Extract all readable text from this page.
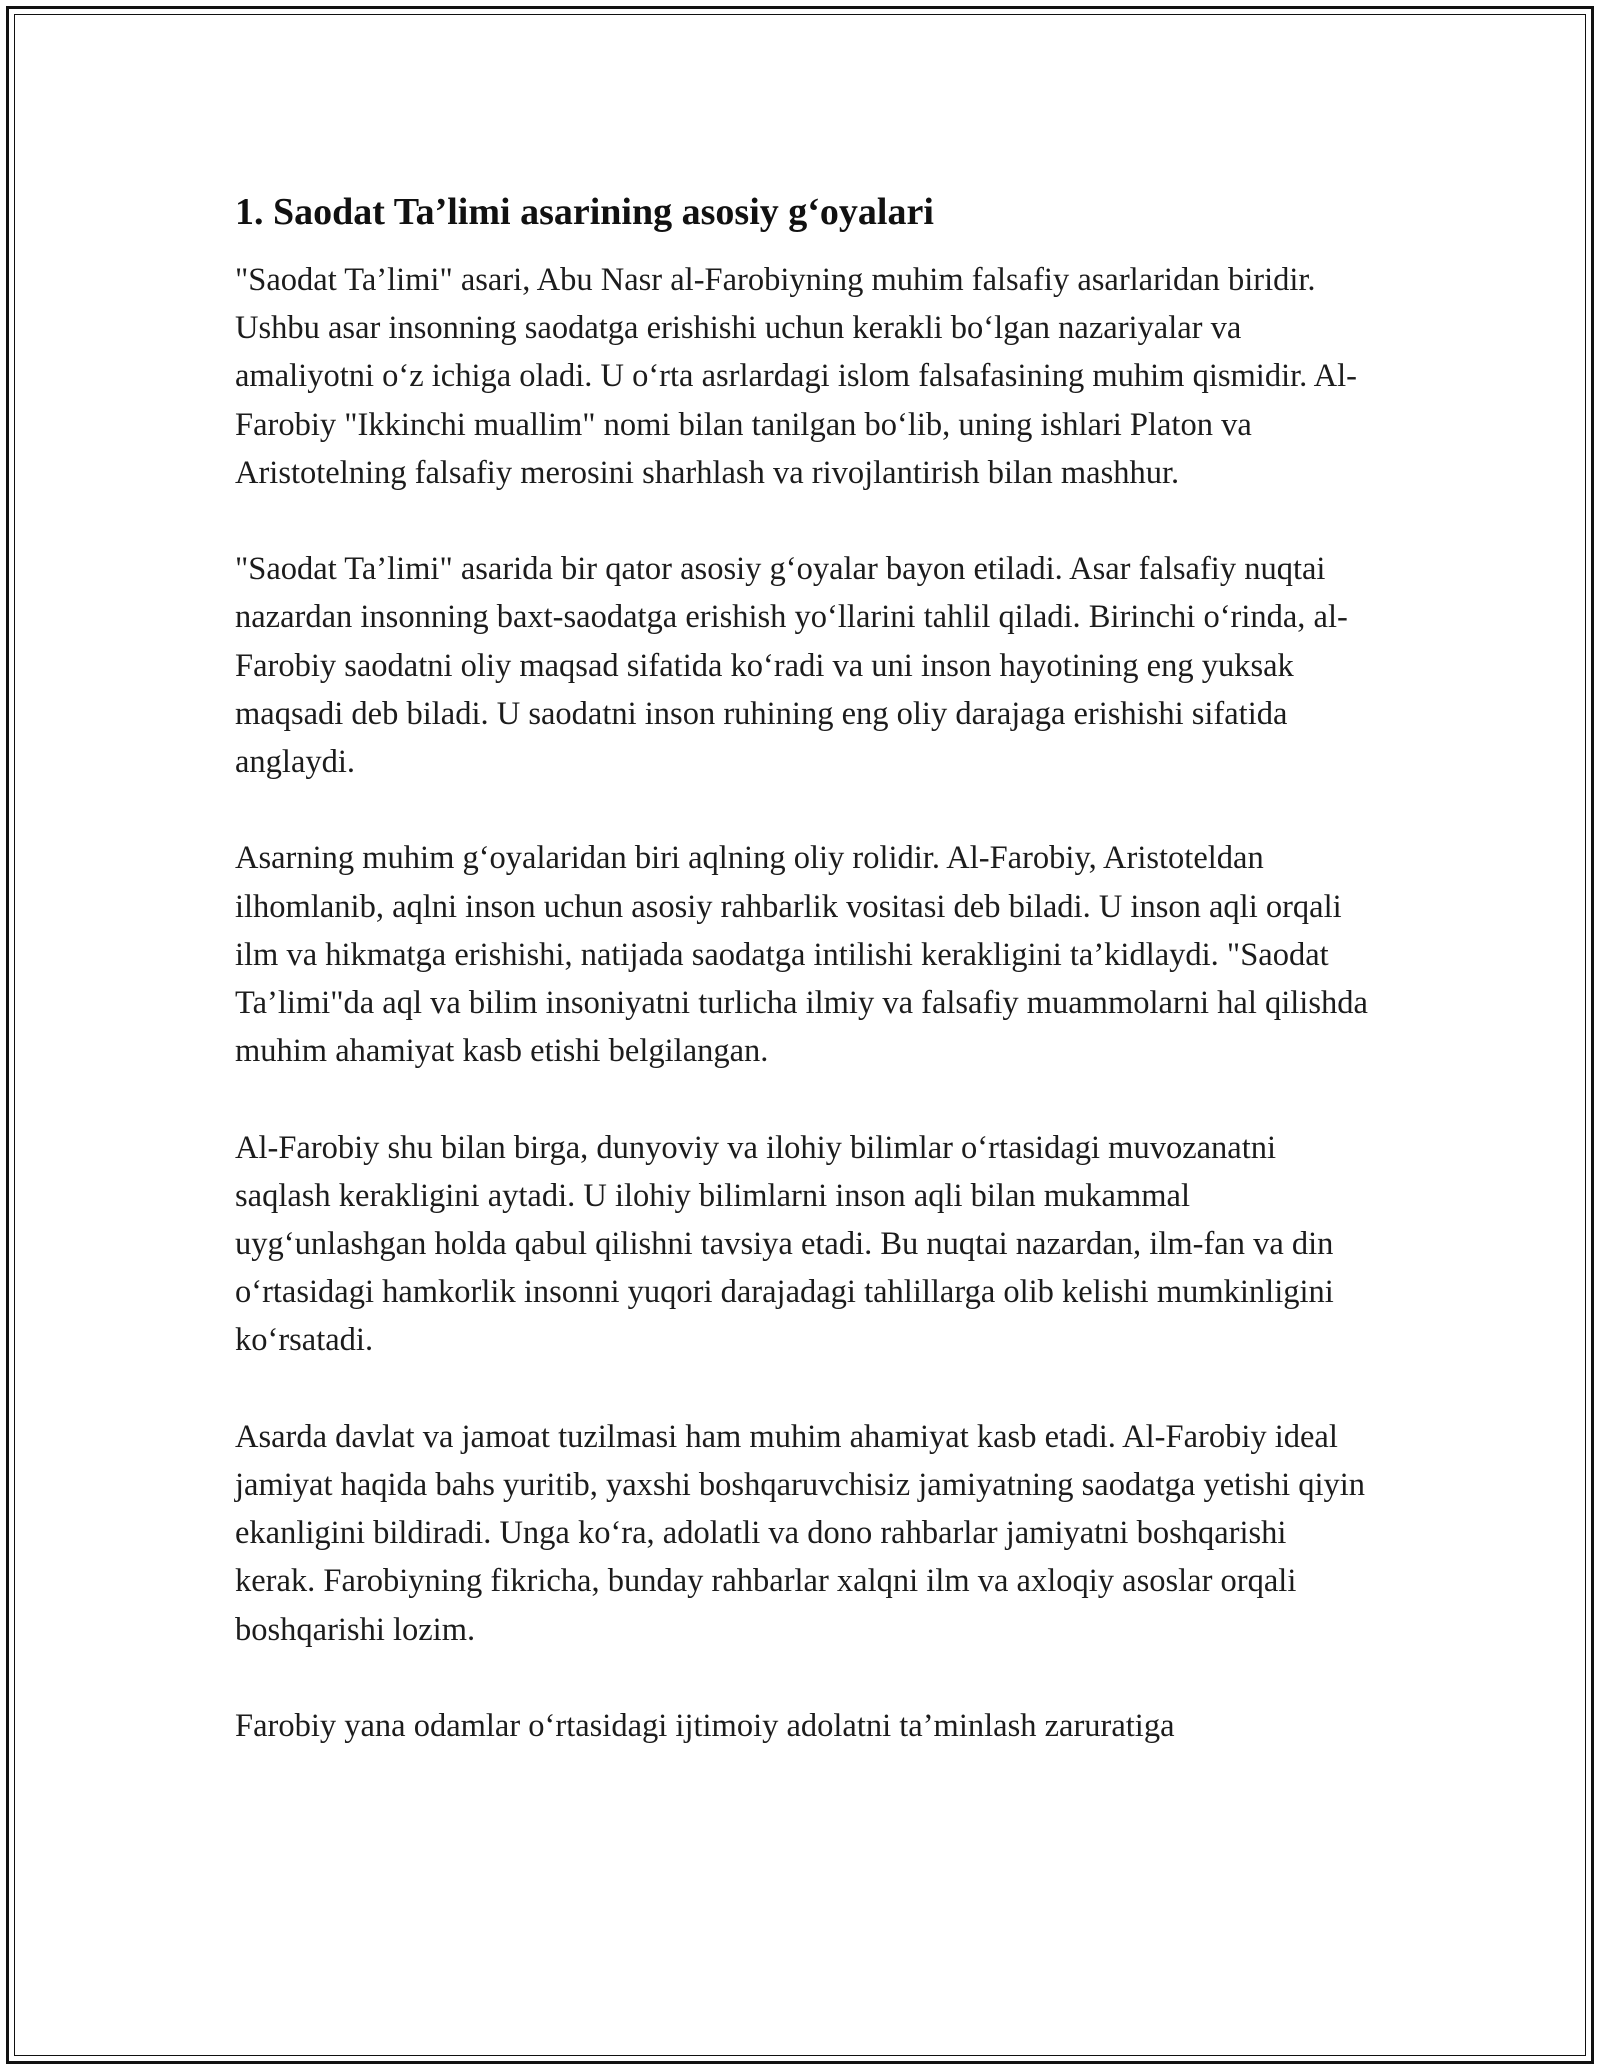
1. Saodat Ta’limi asarining asosiy g‘oyalari

"Saodat Ta’limi" asari, Abu Nasr al-Farobiyning muhim falsafiy asarlaridan biridir. Ushbu asar insonning saodatga erishishi uchun kerakli bo‘lgan nazariyalar va amaliyotni o‘z ichiga oladi. U o‘rta asrlardagi islom falsafasining muhim qismidir. Al-Farobiy "Ikkinchi muallim" nomi bilan tanilgan bo‘lib, uning ishlari Platon va Aristotelning falsafiy merosini sharhlash va rivojlantirish bilan mashhur.

"Saodat Ta’limi" asarida bir qator asosiy g‘oyalar bayon etiladi. Asar falsafiy nuqtai nazardan insonning baxt-saodatga erishish yo‘llarini tahlil qiladi. Birinchi o‘rinda, al-Farobiy saodatni oliy maqsad sifatida ko‘radi va uni inson hayotining eng yuksak maqsadi deb biladi. U saodatni inson ruhining eng oliy darajaga erishishi sifatida anglaydi.

Asarning muhim g‘oyalaridan biri aqlning oliy rolidir. Al-Farobiy, Aristoteldan ilhomlanib, aqlni inson uchun asosiy rahbarlik vositasi deb biladi. U inson aqli orqali ilm va hikmatga erishishi, natijada saodatga intilishi kerakligini ta’kidlaydi. "Saodat Ta’limi"da aql va bilim insoniyatni turlicha ilmiy va falsafiy muammolarni hal qilishda muhim ahamiyat kasb etishi belgilangan.

Al-Farobiy shu bilan birga, dunyoviy va ilohiy bilimlar o‘rtasidagi muvozanatni saqlash kerakligini aytadi. U ilohiy bilimlarni inson aqli bilan mukammal uyg‘unlashgan holda qabul qilishni tavsiya etadi. Bu nuqtai nazardan, ilm-fan va din o‘rtasidagi hamkorlik insonni yuqori darajadagi tahlillarga olib kelishi mumkinligini ko‘rsatadi.

Asarda davlat va jamoat tuzilmasi ham muhim ahamiyat kasb etadi. Al-Farobiy ideal jamiyat haqida bahs yuritib, yaxshi boshqaruvchisiz jamiyatning saodatga yetishi qiyin ekanligini bildiradi. Unga ko‘ra, adolatli va dono rahbarlar jamiyatni boshqarishi kerak. Farobiyning fikricha, bunday rahbarlar xalqni ilm va axloqiy asoslar orqali boshqarishi lozim.

Farobiy yana odamlar o‘rtasidagi ijtimoiy adolatni ta’minlash zaruratiga
